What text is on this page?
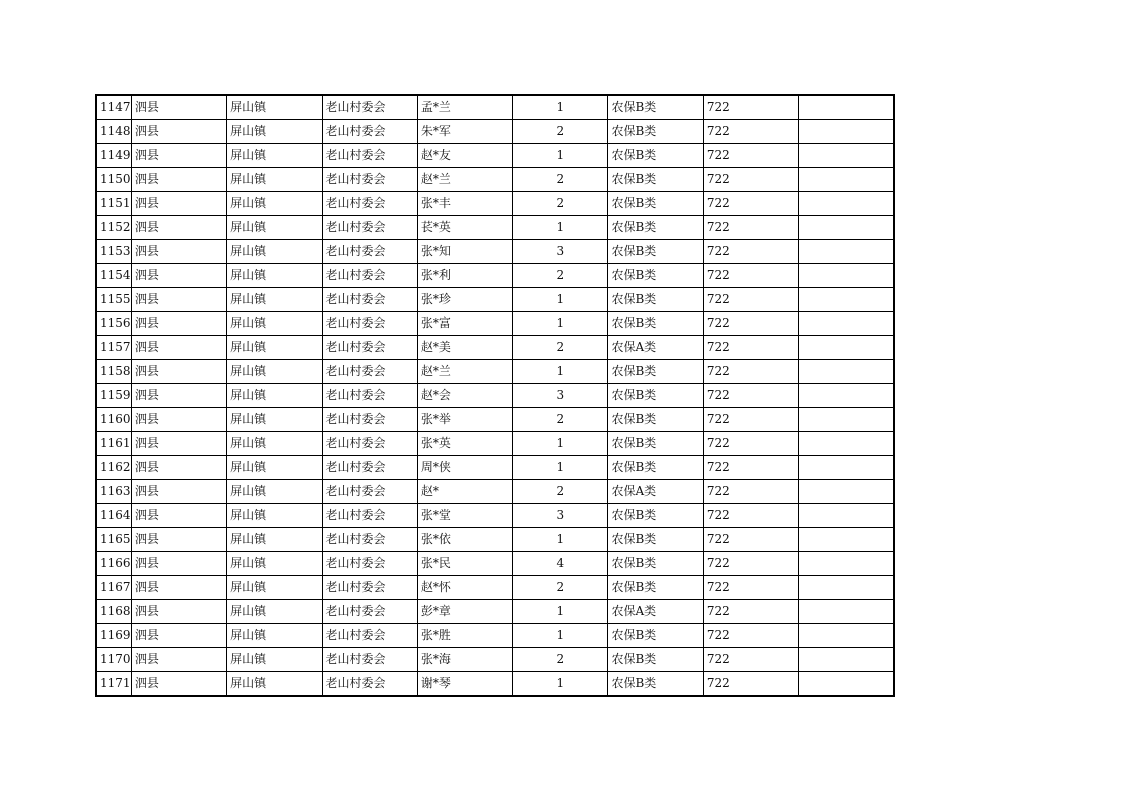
1147	泗县	屏山镇	老山村委会	孟*兰	1	农保B类	722	
1148	泗县	屏山镇	老山村委会	朱*军	2	农保B类	722	
1149	泗县	屏山镇	老山村委会	赵*友	1	农保B类	722	
1150	泗县	屏山镇	老山村委会	赵*兰	2	农保B类	722	
1151	泗县	屏山镇	老山村委会	张*丰	2	农保B类	722	
1152	泗县	屏山镇	老山村委会	苌*英	1	农保B类	722	
1153	泗县	屏山镇	老山村委会	张*知	3	农保B类	722	
1154	泗县	屏山镇	老山村委会	张*利	2	农保B类	722	
1155	泗县	屏山镇	老山村委会	张*珍	1	农保B类	722	
1156	泗县	屏山镇	老山村委会	张*富	1	农保B类	722	
1157	泗县	屏山镇	老山村委会	赵*美	2	农保A类	722	
1158	泗县	屏山镇	老山村委会	赵*兰	1	农保B类	722	
1159	泗县	屏山镇	老山村委会	赵*会	3	农保B类	722	
1160	泗县	屏山镇	老山村委会	张*举	2	农保B类	722	
1161	泗县	屏山镇	老山村委会	张*英	1	农保B类	722	
1162	泗县	屏山镇	老山村委会	周*侠	1	农保B类	722	
1163	泗县	屏山镇	老山村委会	赵*	2	农保A类	722	
1164	泗县	屏山镇	老山村委会	张*堂	3	农保B类	722	
1165	泗县	屏山镇	老山村委会	张*依	1	农保B类	722	
1166	泗县	屏山镇	老山村委会	张*民	4	农保B类	722	
1167	泗县	屏山镇	老山村委会	赵*怀	2	农保B类	722	
1168	泗县	屏山镇	老山村委会	彭*章	1	农保A类	722	
1169	泗县	屏山镇	老山村委会	张*胜	1	农保B类	722	
1170	泗县	屏山镇	老山村委会	张*海	2	农保B类	722	
1171	泗县	屏山镇	老山村委会	谢*琴	1	农保B类	722	
